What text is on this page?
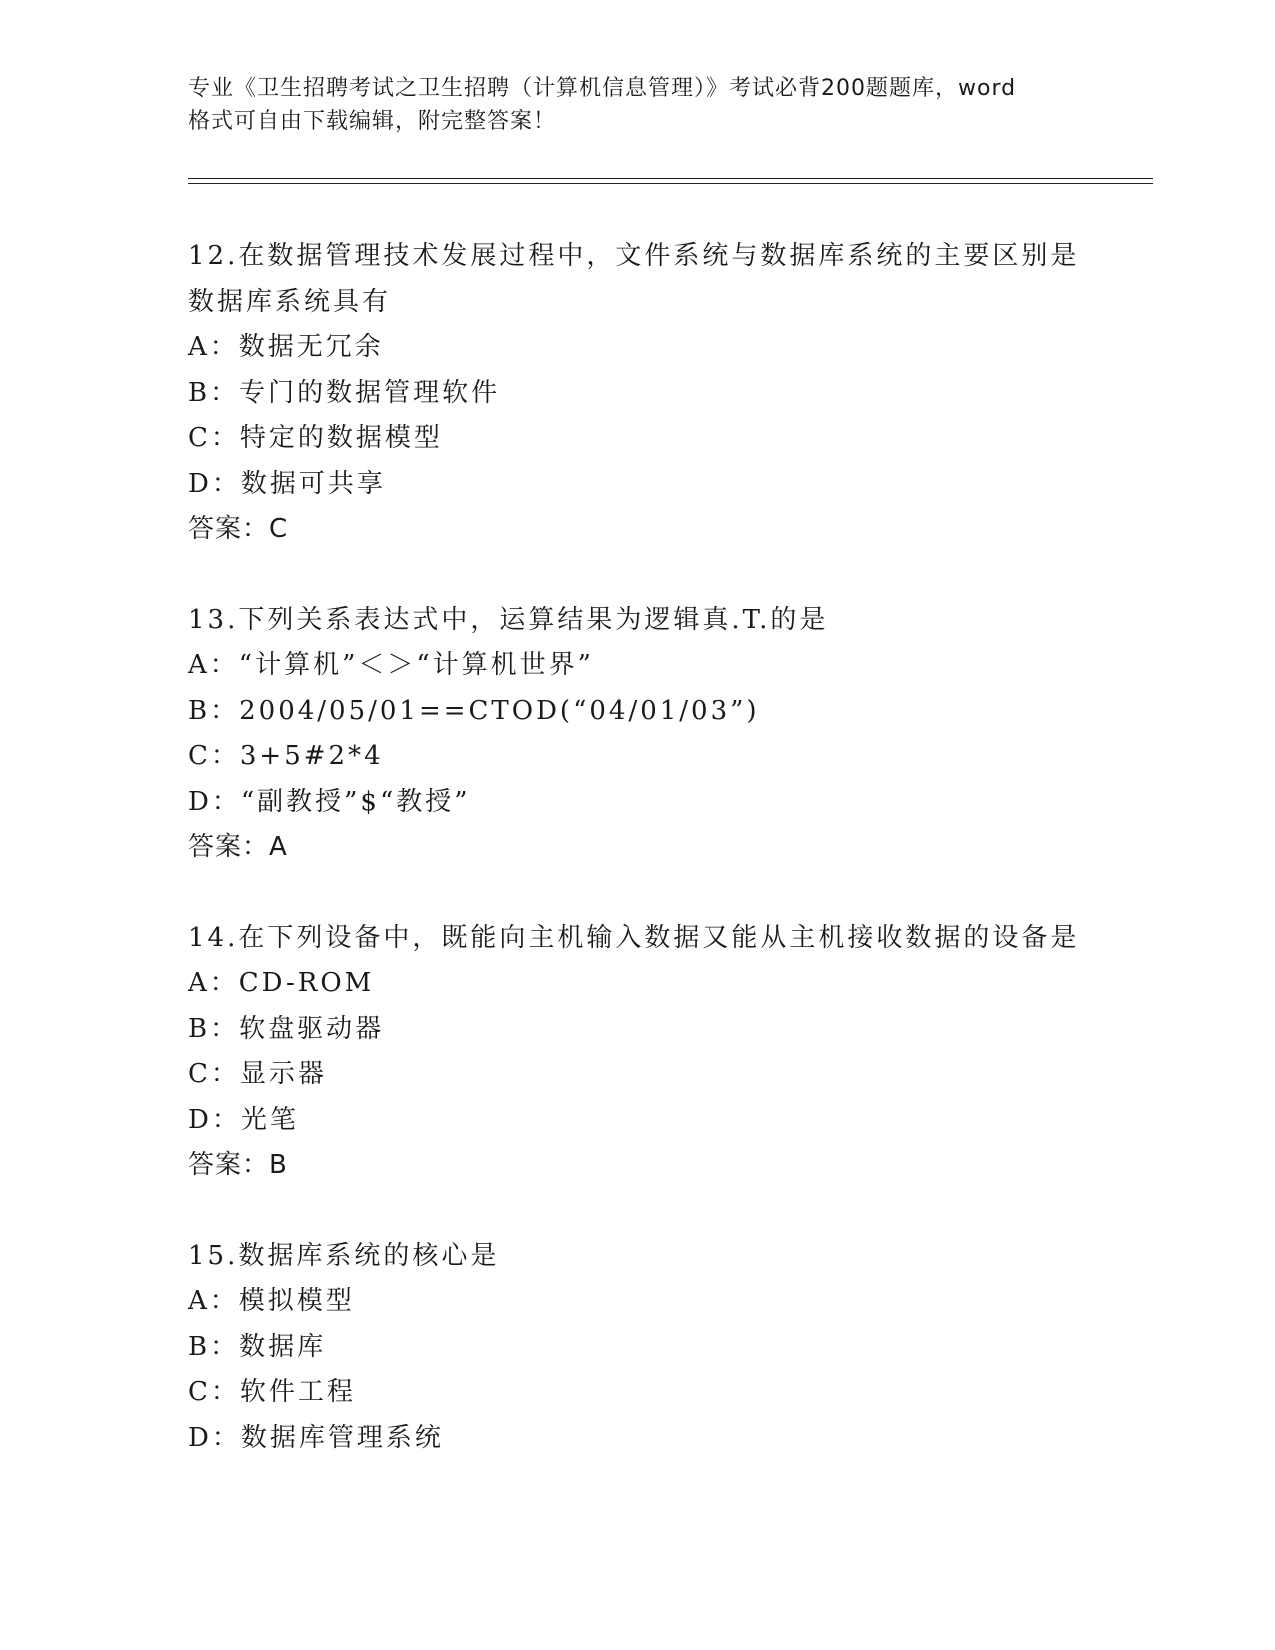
专业《卫生招聘考试之卫生招聘（计算机信息管理）》考试必背200题题库，word
格式可自由下载编辑，附完整答案！
12.在数据管理技术发展过程中，文件系统与数据库系统的主要区别是
数据库系统具有
A：数据无冗余
B：专门的数据管理软件
C：特定的数据模型
D：数据可共享
答案：C
13.下列关系表达式中，运算结果为逻辑真.T.的是
A：“计算机”＜＞“计算机世界”
B：2004/05/01==CTOD(“04/01/03”)
C：3+5#2*4
D：“副教授”$“教授”
答案：A
14.在下列设备中，既能向主机输入数据又能从主机接收数据的设备是
A：CD-ROM
B：软盘驱动器
C：显示器
D：光笔
答案：B
15.数据库系统的核心是
A：模拟模型
B：数据库
C：软件工程
D：数据库管理系统
